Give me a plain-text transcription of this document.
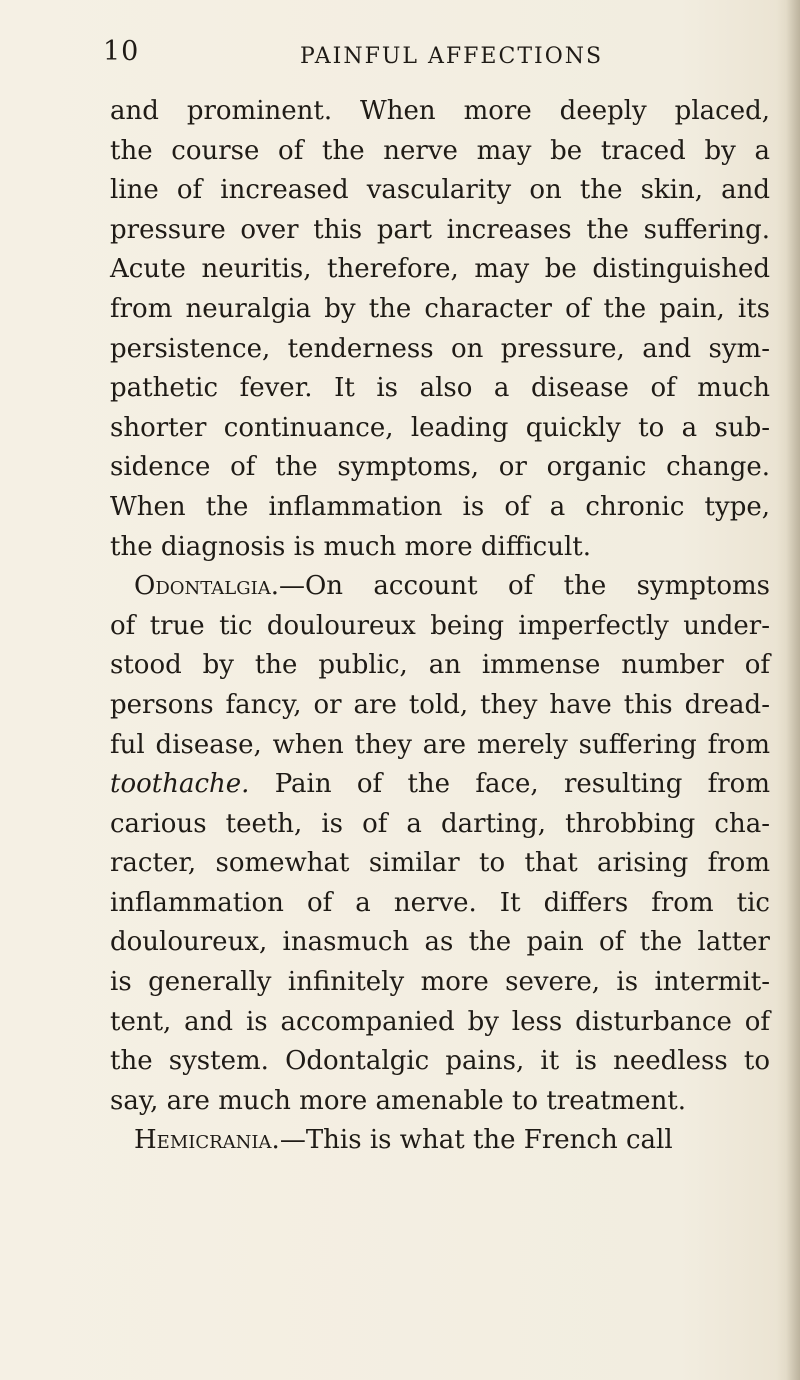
10	PAINFUL AFFECTIONS
and prominent. When more deeply placed,
the course of the nerve may be traced by a
line of increased vascularity on the skin, and
pressure over this part increases the suffering.
Acute neuritis, therefore, may be distinguished
from neuralgia by the character of the pain, its
persistence, tenderness on pressure, and sym-
pathetic fever. It is also a disease of much
shorter continuance, leading quickly to a sub-
sidence of the symptoms, or organic change.
When the inflammation is of a chronic type,
the diagnosis is much more difficult.
Odontalgia.—On account of the symptoms
of true tic douloureux being imperfectly under-
stood by the public, an immense number of
persons fancy, or are told, they have this dread-
ful disease, when they are merely suffering from
toothache. Pain of the face, resulting from
carious teeth, is of a darting, throbbing cha-
racter, somewhat similar to that arising from
inflammation of a nerve. It differs from tic
douloureux, inasmuch as the pain of the latter
is generally infinitely more severe, is intermit-
tent, and is accompanied by less disturbance of
the system. Odontalgic pains, it is needless to
say, are much more amenable to treatment.
Hemicrania.—This is what the French call
